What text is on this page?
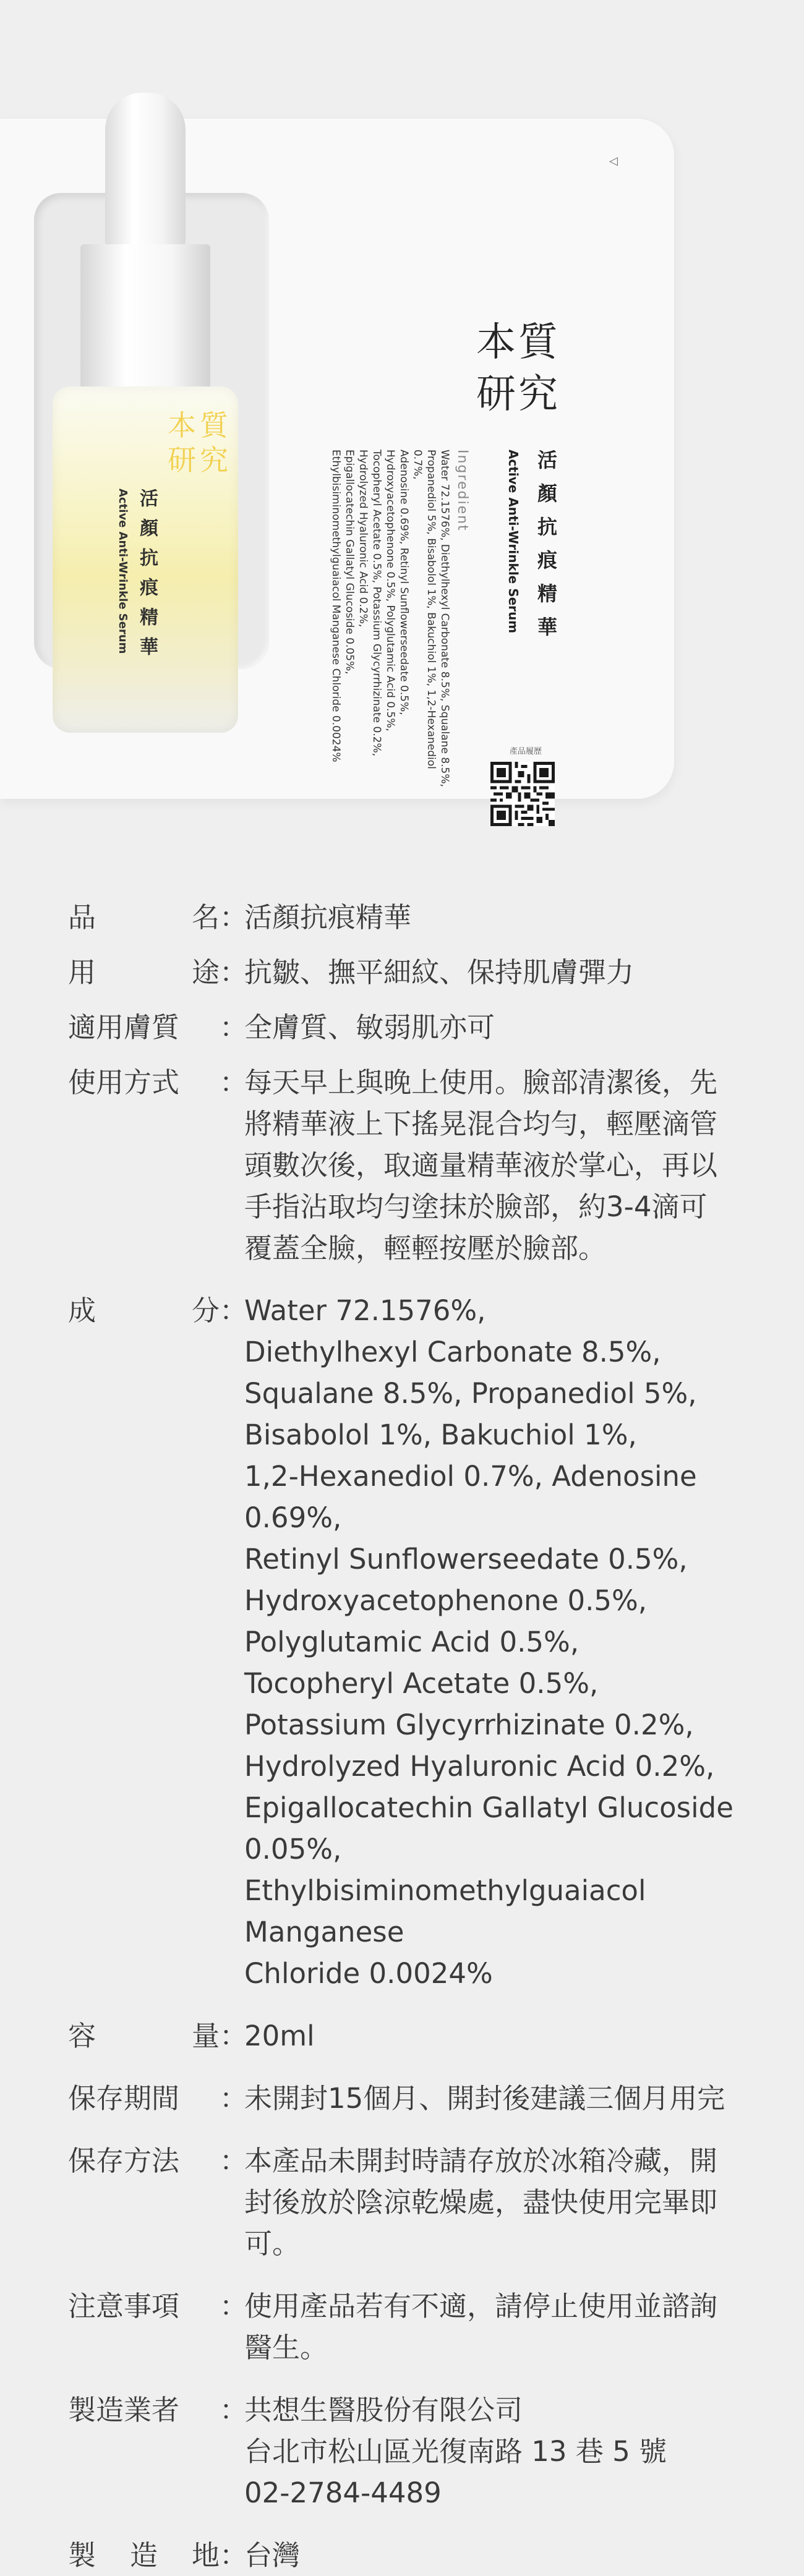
◁
本質
研究
活顏抗痕精華
Active Anti-Wrinkle Serum
Ingredient
Water 72.1576%, Diethylhexyl Carbonate 8.5%, Squalane 8.5%,
Propanediol 5%, Bisabolol 1%, Bakuchiol 1%, 1,2-Hexanediol 0.7%,
Adenosine 0.69%, Retinyl Sunflowerseedate 0.5%,
Hydroxyacetophenone 0.5%, Polyglutamic Acid 0.5%,
Tocopheryl Acetate 0.5%, Potassium Glycyrrhizinate 0.2%,
Hydrolyzed Hyaluronic Acid 0.2%,
Epigallocatechin Gallatyl Glucoside 0.05%,
Ethylbisiminomethylguaiacol Manganese Chloride 0.0024%	產品履歷
本質
研究
活顏抗痕精華
Active Anti-Wrinkle Serum
品	名 ：
活顏抗痕精華
用	途 ：
抗皺、撫平細紋、保持肌膚彈力
適用膚質 ：
全膚質、敏弱肌亦可
使用方式 ：
每天早上與晚上使用。臉部清潔後，先
將精華液上下搖晃混合均勻，輕壓滴管
頭數次後，取適量精華液於掌心，再以
手指沾取均勻塗抹於臉部，約3-4滴可
覆蓋全臉，輕輕按壓於臉部。
成	分 ：
Water 72.1576%,
Diethylhexyl Carbonate 8.5%,
Squalane 8.5%, Propanediol 5%,
Bisabolol 1%, Bakuchiol 1%,
1,2-Hexanediol 0.7%, Adenosine 0.69%,
Retinyl Sunflowerseedate 0.5%,
Hydroxyacetophenone 0.5%,
Polyglutamic Acid 0.5%,
Tocopheryl Acetate 0.5%,
Potassium Glycyrrhizinate 0.2%,
Hydrolyzed Hyaluronic Acid 0.2%,
Epigallocatechin Gallatyl Glucoside 0.05%,
Ethylbisiminomethylguaiacol Manganese
Chloride 0.0024%
容	量 ：
20ml
保存期間 ：
未開封15個月、開封後建議三個月用完
保存方法 ：
本產品未開封時請存放於冰箱冷藏，開
封後放於陰涼乾燥處，盡快使用完畢即
可。
注意事項 ：
使用產品若有不適，請停止使用並諮詢
醫生。
製造業者 ：
共想生醫股份有限公司
台北市松山區光復南路 13 巷 5 號
02-2784-4489
製 造 地 ：
台灣
